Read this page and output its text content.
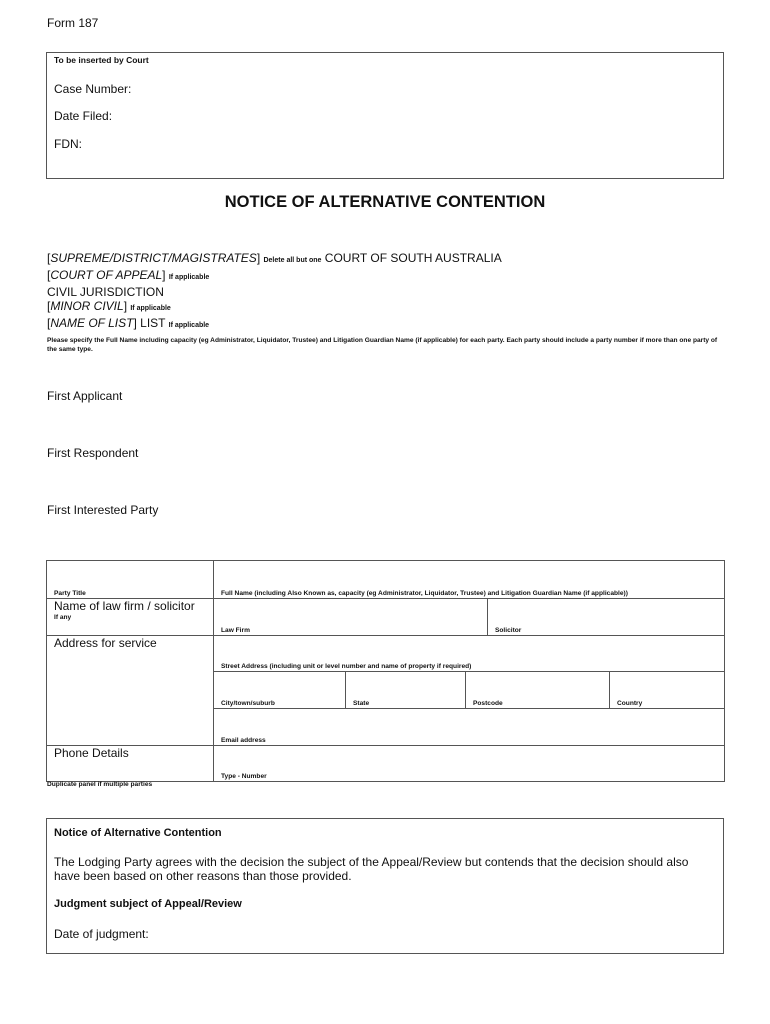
Form 187
To be inserted by Court
Case Number:
Date Filed:
FDN:
NOTICE OF ALTERNATIVE CONTENTION
[SUPREME/DISTRICT/MAGISTRATES] Delete all but one COURT OF SOUTH AUSTRALIA
[COURT OF APPEAL] If applicable
CIVIL JURISDICTION
[MINOR CIVIL] If applicable
[NAME OF LIST] LIST If applicable
Please specify the Full Name including capacity (eg Administrator, Liquidator, Trustee) and Litigation Guardian Name (if applicable) for each party. Each party should include a party number if more than one party of the same type.
First Applicant
First Respondent
First Interested Party
Party Title	Full Name (including Also Known as, capacity (eg Administrator, Liquidator, Trustee) and Litigation Guardian Name (if applicable))				

Name of law firm / solicitor
If any	Law Firm			Solicitor	

Address for service	Street Address (including unit or level number and name of property if required)				

	City/town/suburb	State	Postcode		Country

	Email address				

Phone Details	Type - Number				
Duplicate panel if multiple parties
Notice of Alternative Contention
The Lodging Party agrees with the decision the subject of the Appeal/Review but contends that the decision should also have been based on other reasons than those provided.
Judgment subject of Appeal/Review
Date of judgment:
